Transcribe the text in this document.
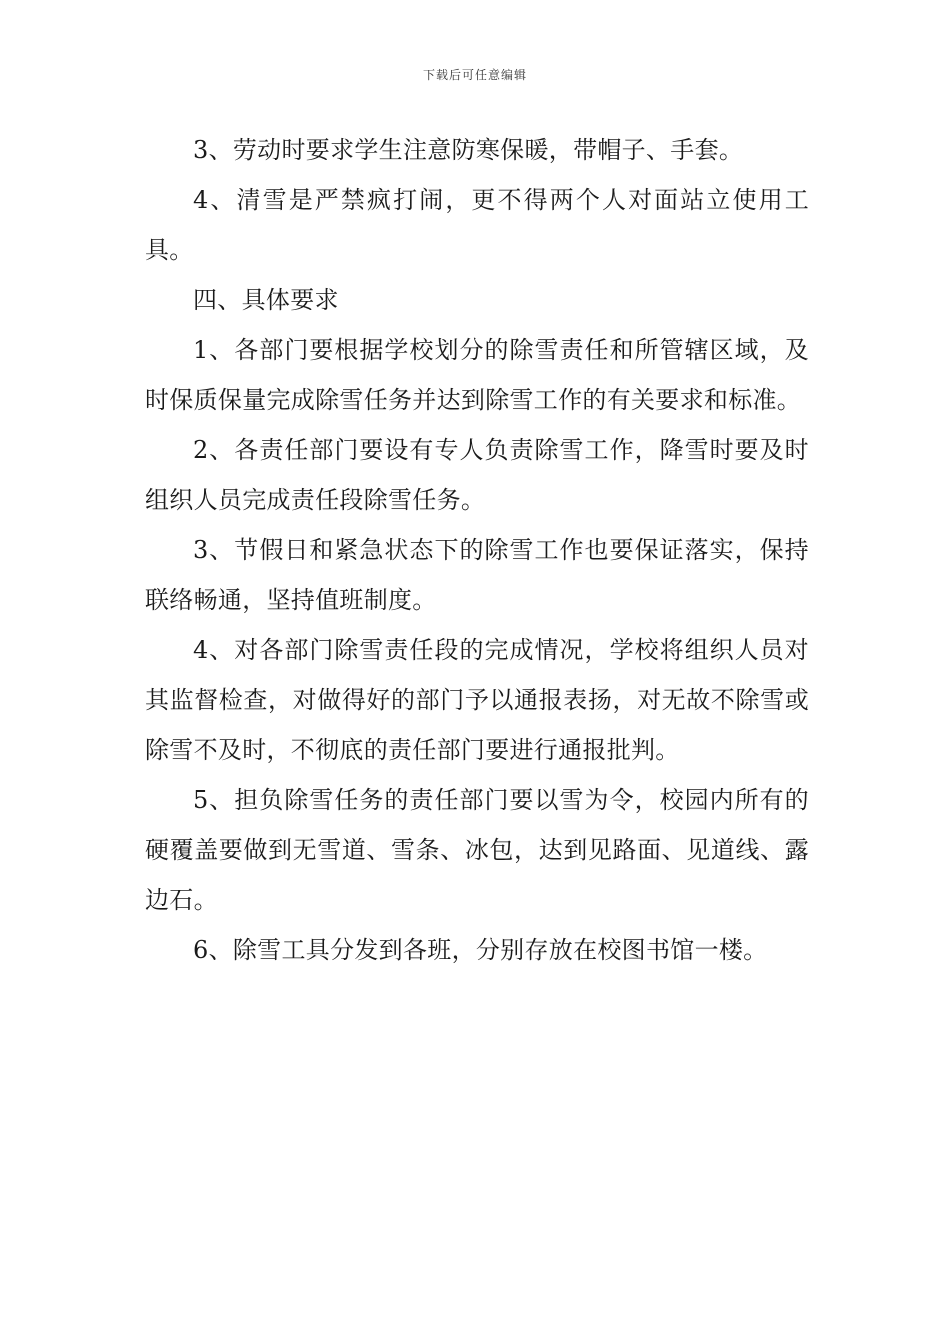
下载后可任意编辑

3、劳动时要求学生注意防寒保暖，带帽子、手套。

4、清雪是严禁疯打闹，更不得两个人对面站立使用工具。

四、具体要求

1、各部门要根据学校划分的除雪责任和所管辖区域，及时保质保量完成除雪任务并达到除雪工作的有关要求和标准。

2、各责任部门要设有专人负责除雪工作，降雪时要及时组织人员完成责任段除雪任务。

3、节假日和紧急状态下的除雪工作也要保证落实，保持联络畅通，坚持值班制度。

4、对各部门除雪责任段的完成情况，学校将组织人员对其监督检查，对做得好的部门予以通报表扬，对无故不除雪或除雪不及时，不彻底的责任部门要进行通报批判。

5、担负除雪任务的责任部门要以雪为令，校园内所有的硬覆盖要做到无雪道、雪条、冰包，达到见路面、见道线、露边石。

6、除雪工具分发到各班，分别存放在校图书馆一楼。
